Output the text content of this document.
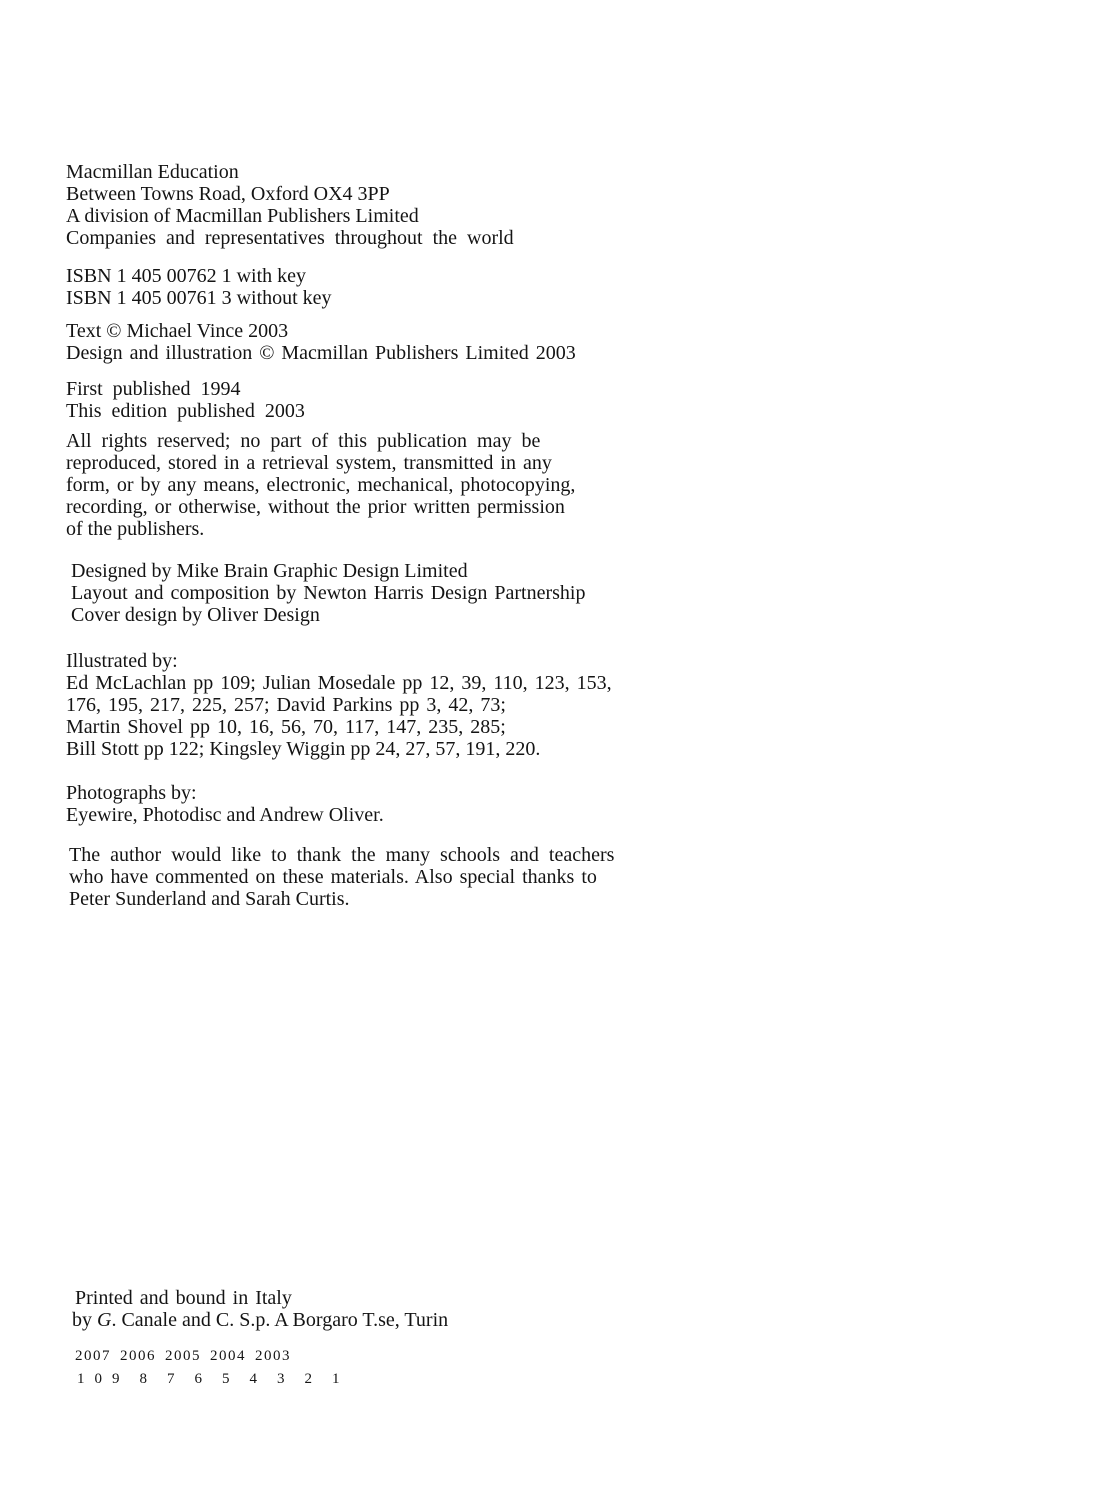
Macmillan Education
Between Towns Road, Oxford OX4 3PP
A division of Macmillan Publishers Limited
Companies and representatives throughout the world
ISBN 1 405 00762 1 with key
ISBN 1 405 00761 3 without key
Text © Michael Vince 2003
Design and illustration © Macmillan Publishers Limited 2003
First published 1994
This edition published 2003
All rights reserved; no part of this publication may be
reproduced, stored in a retrieval system, transmitted in any
form, or by any means, electronic, mechanical, photocopying,
recording, or otherwise, without the prior written permission
of the publishers.
Designed by Mike Brain Graphic Design Limited
Layout and composition by Newton Harris Design Partnership
Cover design by Oliver Design
Illustrated by:
Ed McLachlan pp 109; Julian Mosedale pp 12, 39, 110, 123, 153,
176, 195, 217, 225, 257; David Parkins pp 3, 42, 73;
Martin Shovel pp 10, 16, 56, 70, 117, 147, 235, 285;
Bill Stott pp 122; Kingsley Wiggin pp 24, 27, 57, 191, 220.
Photographs by:
Eyewire, Photodisc and Andrew Oliver.
The author would like to thank the many schools and teachers
who have commented on these materials. Also special thanks to
Peter Sunderland and Sarah Curtis.
Printed and bound in Italy
by G. Canale and C. S.p. A Borgaro T.se, Turin
2007 2006 2005 2004 2003
1 0 9 8 7 6 5 4 3 2 1
